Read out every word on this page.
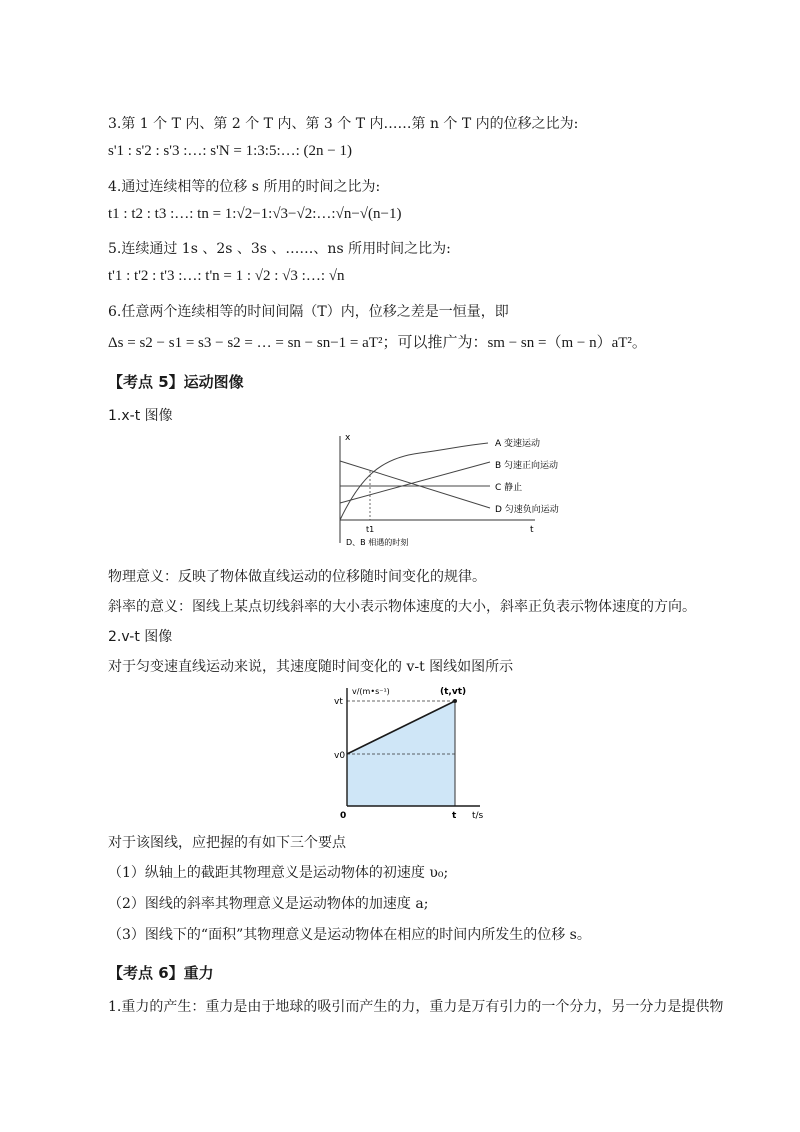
3.第 1 个 T 内、第 2 个 T 内、第 3 个 T 内……第 n 个 T 内的位移之比为:
s'1 : s'2 : s'3 :…: s'N = 1:3:5:…: (2n − 1)
4.通过连续相等的位移 s 所用的时间之比为:
t1 : t2 : t3 :…: tn = 1:√2−1:√3−√2:…:√n−√(n−1)
5.连续通过 1s 、2s 、3s 、……、ns 所用时间之比为:
t'1 : t'2 : t'3 :…: t'n = 1 : √2 : √3 :…: √n
6.任意两个连续相等的时间间隔（T）内，位移之差是一恒量，即
Δs = s2 − s1 = s3 − s2 = … = sn − sn−1 = aT²；可以推广为：sm − sn =（m − n）aT²。
【考点 5】运动图像
1.x-t 图像
x
t
A 变速运动
B 匀速正向运动
C 静止
D 匀速负向运动
t1
D、B 相遇的时刻
物理意义：反映了物体做直线运动的位移随时间变化的规律。
斜率的意义：图线上某点切线斜率的大小表示物体速度的大小，斜率正负表示物体速度的方向。
2.v-t 图像
对于匀变速直线运动来说，其速度随时间变化的 v-t 图线如图所示
v/(m•s⁻¹)	(t,vt)
vt
v0
0	t t/s
对于该图线，应把握的有如下三个要点
（1）纵轴上的截距其物理意义是运动物体的初速度 υ₀;
（2）图线的斜率其物理意义是运动物体的加速度 a;
（3）图线下的“面积”其物理意义是运动物体在相应的时间内所发生的位移 s。
【考点 6】重力
1.重力的产生：重力是由于地球的吸引而产生的力，重力是万有引力的一个分力，另一分力是提供物
